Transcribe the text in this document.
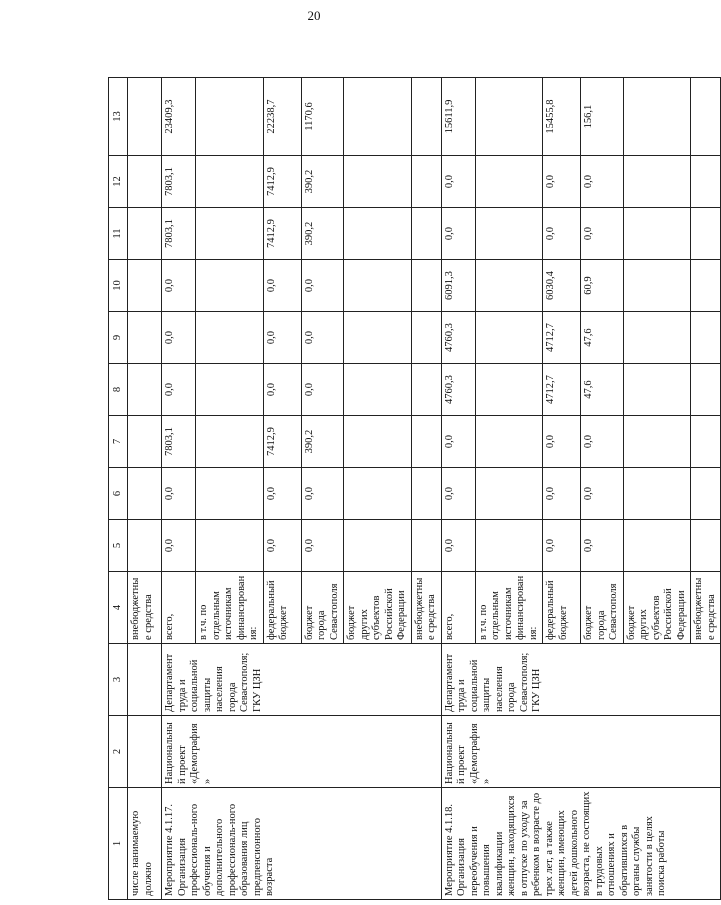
20
1	2	3	4	5	6	7	8	9	10	11	12	13
числе нанимаемую должно			внебюджетные средства									
Мероприятие 4.1.17. Организация профессиональ-ного обучения и дополнительного профессиональ-ного образования лиц предпенсионного возраста	Национальный проект «Демография»	Департамент труда и социальной защиты населения города Севастополя; ГКУ ЦЗН	всего,	0,0	0,0	7803,1	0,0	0,0	0,0	7803,1	7803,1	23409,3
			в т.ч. по отдельным источникам финансирования:									
			федеральный бюджет	0,0	0,0	7412,9	0,0	0,0	0,0	7412,9	7412,9	22238,7
			бюджет города Севастополя	0,0	0,0	390,2	0,0	0,0	0,0	390,2	390,2	1170,6
			бюджет других субъектов Российской Федерации									
			внебюджетные средства									
Мероприятие 4.1.18. Организация переобучения и повышения квалификации женщин, находящихся в отпуске по уходу за ребенком в возрасте до трех лет, а также женщин, имеющих детей дошкольного возраста, не состоящих в трудовых отношениях и обратившихся в органы службы занятости в целях поиска работы	Национальный проект «Демография»	Департамент труда и социальной защиты населения города Севастополя; ГКУ ЦЗН	всего,	0,0	0,0	0,0	4760,3	4760,3	6091,3	0,0	0,0	15611,9
			в т.ч. по отдельным источникам финансирования:									
			федеральный бюджет	0,0	0,0	0,0	4712,7	4712,7	6030,4	0,0	0,0	15455,8
			бюджет города Севастополя	0,0	0,0	0,0	47,6	47,6	60,9	0,0	0,0	156,1
			бюджет других субъектов Российской Федерации									
			внебюджетные средства									
